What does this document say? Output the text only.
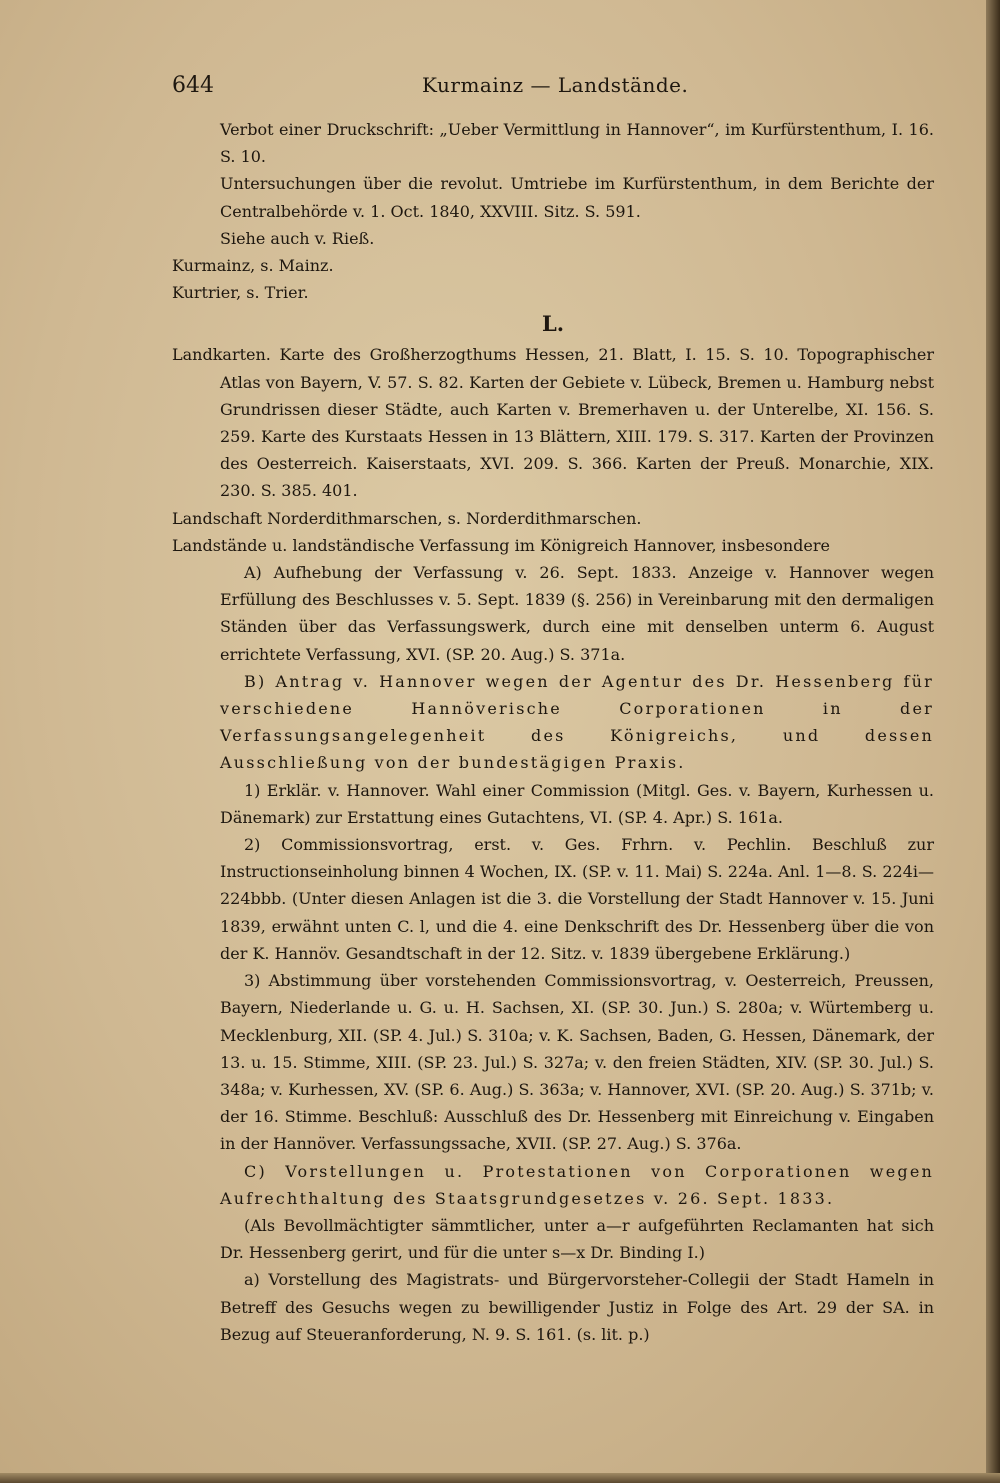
644	Kurmainz — Landstände.

Verbot einer Druckschrift: „Ueber Vermittlung in Hannover“, im Kurfürstenthum, I. 16. S. 10.

Untersuchungen über die revolut. Umtriebe im Kurfürstenthum, in dem Berichte der Centralbehörde v. 1. Oct. 1840, XXVIII. Sitz. S. 591.

Siehe auch v. Rieß.

Kurmainz, s. Mainz.

Kurtrier, s. Trier.

L.

Landkarten. Karte des Großherzogthums Hessen, 21. Blatt, I. 15. S. 10. Topographischer Atlas von Bayern, V. 57. S. 82. Karten der Gebiete v. Lübeck, Bremen u. Hamburg nebst Grundrissen dieser Städte, auch Karten v. Bremerhaven u. der Unterelbe, XI. 156. S. 259. Karte des Kurstaats Hessen in 13 Blättern, XIII. 179. S. 317. Karten der Provinzen des Oesterreich. Kaiserstaats, XVI. 209. S. 366. Karten der Preuß. Monarchie, XIX. 230. S. 385. 401.

Landschaft Norderdithmarschen, s. Norderdithmarschen.

Landstände u. landständische Verfassung im Königreich Hannover, insbesondere

A) Aufhebung der Verfassung v. 26. Sept. 1833. Anzeige v. Hannover wegen Erfüllung des Beschlusses v. 5. Sept. 1839 (§. 256) in Vereinbarung mit den dermaligen Ständen über das Verfassungswerk, durch eine mit denselben unterm 6. August errichtete Verfassung, XVI. (SP. 20. Aug.) S. 371a.

B) Antrag v. Hannover wegen der Agentur des Dr. Hessenberg für verschiedene Hannöverische Corporationen in der Verfassungsangelegenheit des Königreichs, und dessen Ausschließung von der bundestägigen Praxis.

1) Erklär. v. Hannover. Wahl einer Commission (Mitgl. Ges. v. Bayern, Kurhessen u. Dänemark) zur Erstattung eines Gutachtens, VI. (SP. 4. Apr.) S. 161a.

2) Commissionsvortrag, erst. v. Ges. Frhrn. v. Pechlin. Beschluß zur Instructionseinholung binnen 4 Wochen, IX. (SP. v. 11. Mai) S. 224a. Anl. 1—8. S. 224i—224bbb. (Unter diesen Anlagen ist die 3. die Vorstellung der Stadt Hannover v. 15. Juni 1839, erwähnt unten C. l, und die 4. eine Denkschrift des Dr. Hessenberg über die von der K. Hannöv. Gesandtschaft in der 12. Sitz. v. 1839 übergebene Erklärung.)

3) Abstimmung über vorstehenden Commissionsvortrag, v. Oesterreich, Preussen, Bayern, Niederlande u. G. u. H. Sachsen, XI. (SP. 30. Jun.) S. 280a; v. Würtemberg u. Mecklenburg, XII. (SP. 4. Jul.) S. 310a; v. K. Sachsen, Baden, G. Hessen, Dänemark, der 13. u. 15. Stimme, XIII. (SP. 23. Jul.) S. 327a; v. den freien Städten, XIV. (SP. 30. Jul.) S. 348a; v. Kurhessen, XV. (SP. 6. Aug.) S. 363a; v. Hannover, XVI. (SP. 20. Aug.) S. 371b; v. der 16. Stimme. Beschluß: Ausschluß des Dr. Hessenberg mit Einreichung v. Eingaben in der Hannöver. Verfassungssache, XVII. (SP. 27. Aug.) S. 376a.

C) Vorstellungen u. Protestationen von Corporationen wegen Aufrechthaltung des Staatsgrundgesetzes v. 26. Sept. 1833.

(Als Bevollmächtigter sämmtlicher, unter a—r aufgeführten Reclamanten hat sich Dr. Hessenberg gerirt, und für die unter s—x Dr. Binding I.)

a) Vorstellung des Magistrats- und Bürgervorsteher-Collegii der Stadt Hameln in Betreff des Gesuchs wegen zu bewilligender Justiz in Folge des Art. 29 der SA. in Bezug auf Steueranforderung, N. 9. S. 161. (s. lit. p.)
